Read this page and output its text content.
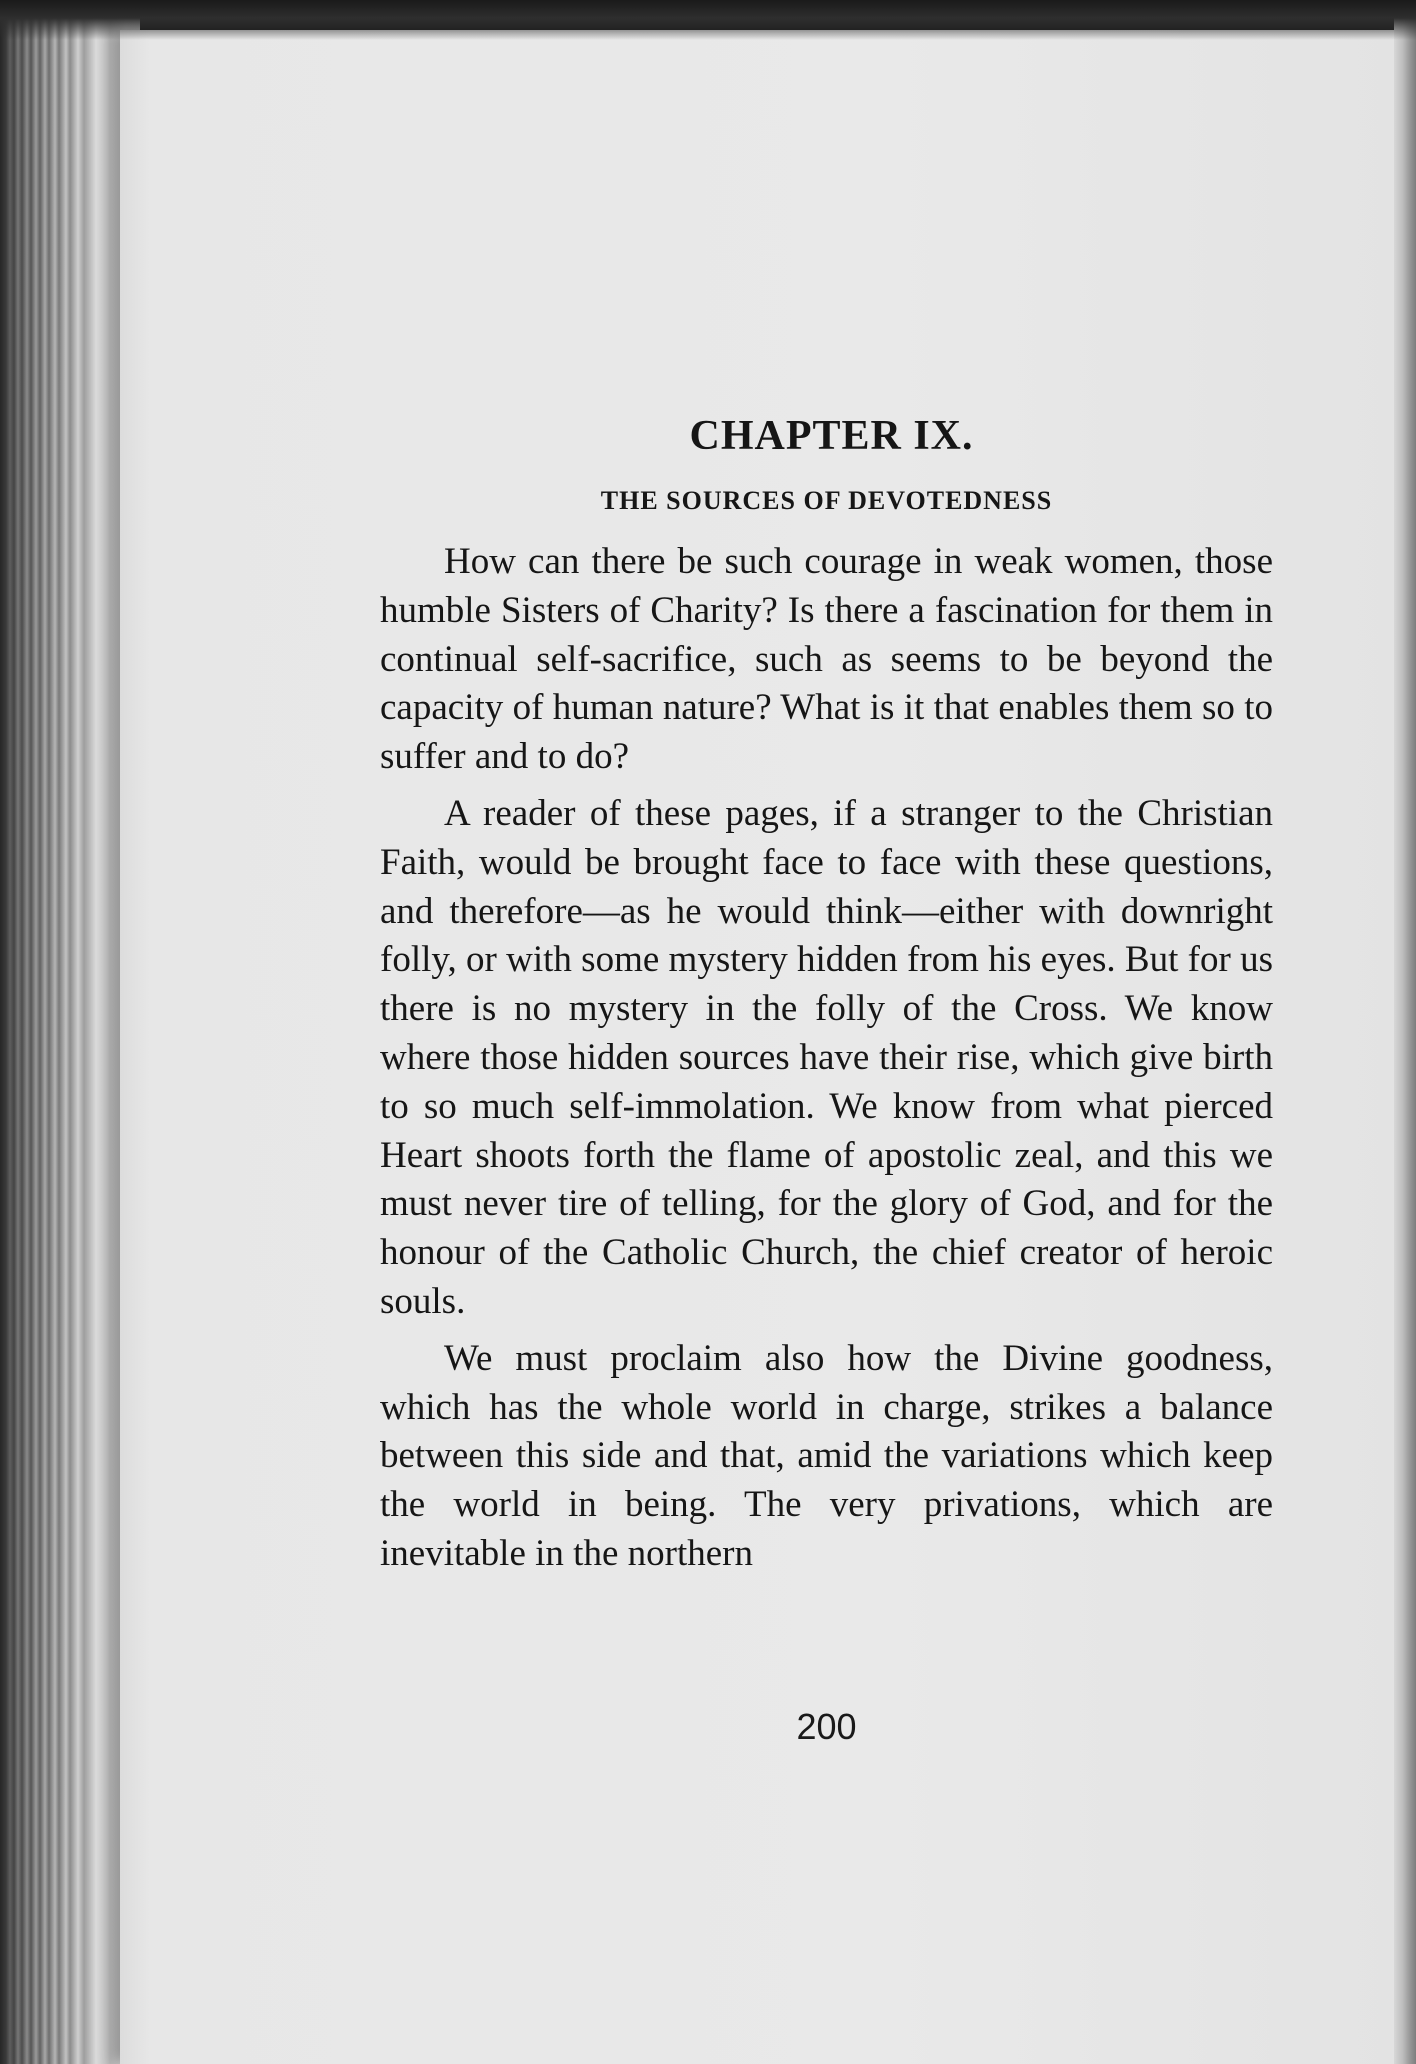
CHAPTER IX.
THE SOURCES OF DEVOTEDNESS

How can there be such courage in weak women, those humble Sisters of Charity? Is there a fascination for them in continual self-sacrifice, such as seems to be beyond the capacity of human nature? What is it that enables them so to suffer and to do?

A reader of these pages, if a stranger to the Christian Faith, would be brought face to face with these questions, and therefore—as he would think—either with downright folly, or with some mystery hidden from his eyes. But for us there is no mystery in the folly of the Cross. We know where those hidden sources have their rise, which give birth to so much self-immolation. We know from what pierced Heart shoots forth the flame of apostolic zeal, and this we must never tire of telling, for the glory of God, and for the honour of the Catholic Church, the chief creator of heroic souls.

We must proclaim also how the Divine goodness, which has the whole world in charge, strikes a balance between this side and that, amid the variations which keep the world in being. The very privations, which are inevitable in the northern

200
